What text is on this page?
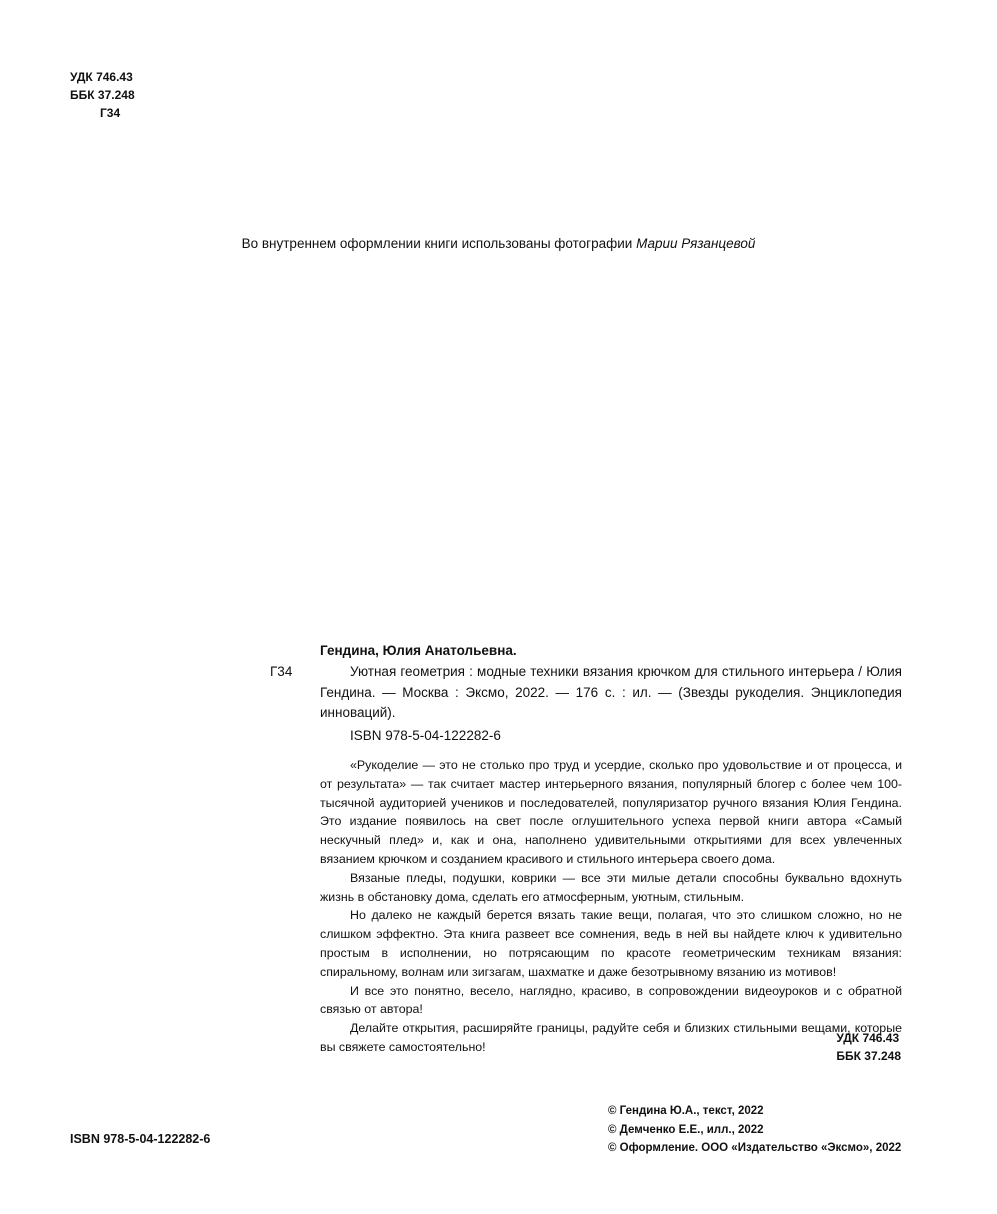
УДК 746.43
ББК 37.248
Г34

Во внутреннем оформлении книги использованы фотографии Марии Рязанцевой

Гендина, Юлия Анатольевна.
Г34	Уютная геометрия : модные техники вязания крючком для стильного интерьера / Юлия Гендина. — Москва : Эксмо, 2022. — 176 с. : ил. — (Звезды рукоделия. Энциклопедия инноваций).
ISBN 978-5-04-122282-6

«Рукоделие — это не столько про труд и усердие, сколько про удовольствие и от процесса, и от результата» — так считает мастер интерьерного вязания, популярный блогер с более чем 100-тысячной аудиторией учеников и последователей, популяризатор ручного вязания Юлия Гендина. Это издание появилось на свет после оглушительного успеха первой книги автора «Самый нескучный плед» и, как и она, наполнено удивительными открытиями для всех увлеченных вязанием крючком и созданием красивого и стильного интерьера своего дома.

Вязаные пледы, подушки, коврики — все эти милые детали способны буквально вдохнуть жизнь в обстановку дома, сделать его атмосферным, уютным, стильным.

Но далеко не каждый берется вязать такие вещи, полагая, что это слишком сложно, но не слишком эффектно. Эта книга развеет все сомнения, ведь в ней вы найдете ключ к удивительно простым в исполнении, но потрясающим по красоте геометрическим техникам вязания: спиральному, волнам или зигзагам, шахматке и даже безотрывному вязанию из мотивов!

И все это понятно, весело, наглядно, красиво, в сопровождении видеоуроков и с обратной связью от автора!

Делайте открытия, расширяйте границы, радуйте себя и близких стильными вещами, которые вы свяжете самостоятельно!

УДК 746.43
ББК 37.248
© Гендина Ю.А., текст, 2022
© Демченко Е.Е., илл., 2022
© Оформление. ООО «Издательство «Эксмо», 2022
ISBN 978-5-04-122282-6
